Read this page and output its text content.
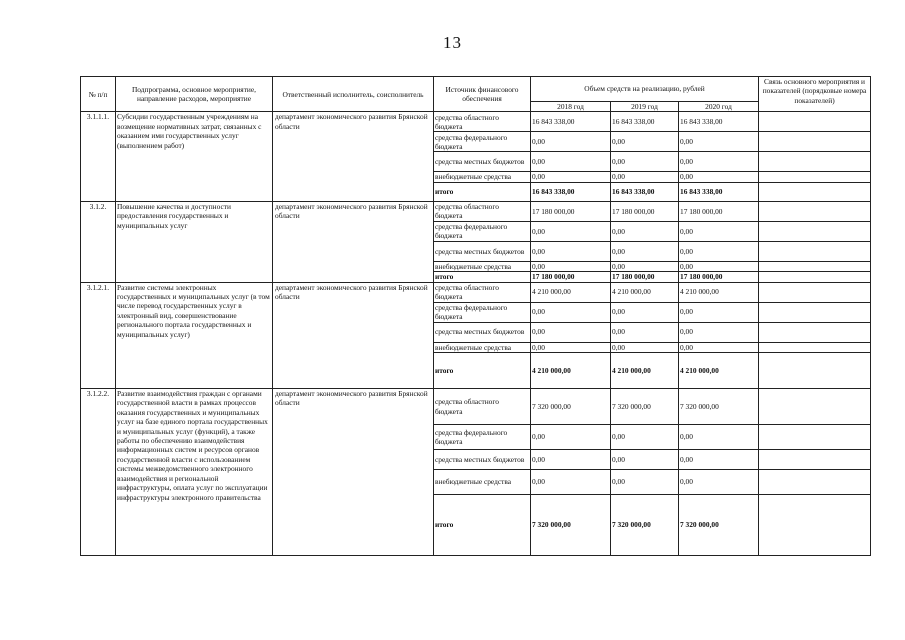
13
№ п/п	Подпрограмма, основное мероприятие, направление расходов, мероприятие	Ответственный исполнитель, соисполнитель	Источник финансового обеспечения	Объем средств на реализацию, рублей			Связь основного мероприятия и показателей (порядковые номера показателей)
				2018 год	2019 год	2020 год	
3.1.1.1.	Субсидии государственным учреждениям на возмещение нормативных затрат, связанных с оказанием ими государственных услуг (выполнением работ)	департамент экономического развития Брянской области	средства областного бюджета	16 843 338,00	16 843 338,00	16 843 338,00	
			средства федерального бюджета	0,00	0,00	0,00	
			средства местных бюджетов	0,00	0,00	0,00	
			внебюджетные средства	0,00	0,00	0,00	
			итого	16 843 338,00	16 843 338,00	16 843 338,00	
3.1.2.	Повышение качества и доступности предоставления государственных и муниципальных услуг	департамент экономического развития Брянской области	средства областного бюджета	17 180 000,00	17 180 000,00	17 180 000,00	
			средства федерального бюджета	0,00	0,00	0,00	
			средства местных бюджетов	0,00	0,00	0,00	
			внебюджетные средства	0,00	0,00	0,00	
			итого	17 180 000,00	17 180 000,00	17 180 000,00	
3.1.2.1.	Развитие системы электронных государственных и муниципальных услуг (в том числе перевод государственных услуг в электронный вид, совершенствование регионального портала государственных и муниципальных услуг)	департамент экономического развития Брянской области	средства областного бюджета	4 210 000,00	4 210 000,00	4 210 000,00	
			средства федерального бюджета	0,00	0,00	0,00	
			средства местных бюджетов	0,00	0,00	0,00	
			внебюджетные средства	0,00	0,00	0,00	
			итого	4 210 000,00	4 210 000,00	4 210 000,00	
3.1.2.2.	Развитие взаимодействия граждан с органами государственной власти в рамках процессов оказания государственных и муниципальных услуг на базе единого портала государственных и муниципальных услуг (функций), а также работы по обеспечению взаимодействия информационных систем и ресурсов органов государственной власти с использованием системы межведомственного электронного взаимодействия и региональной инфраструктуры, оплата услуг по эксплуатации инфраструктуры электронного правительства	департамент экономического развития Брянской области	средства областного бюджета	7 320 000,00	7 320 000,00	7 320 000,00	
			средства федерального бюджета	0,00	0,00	0,00	
			средства местных бюджетов	0,00	0,00	0,00	
			внебюджетные средства	0,00	0,00	0,00	
			итого	7 320 000,00	7 320 000,00	7 320 000,00	
